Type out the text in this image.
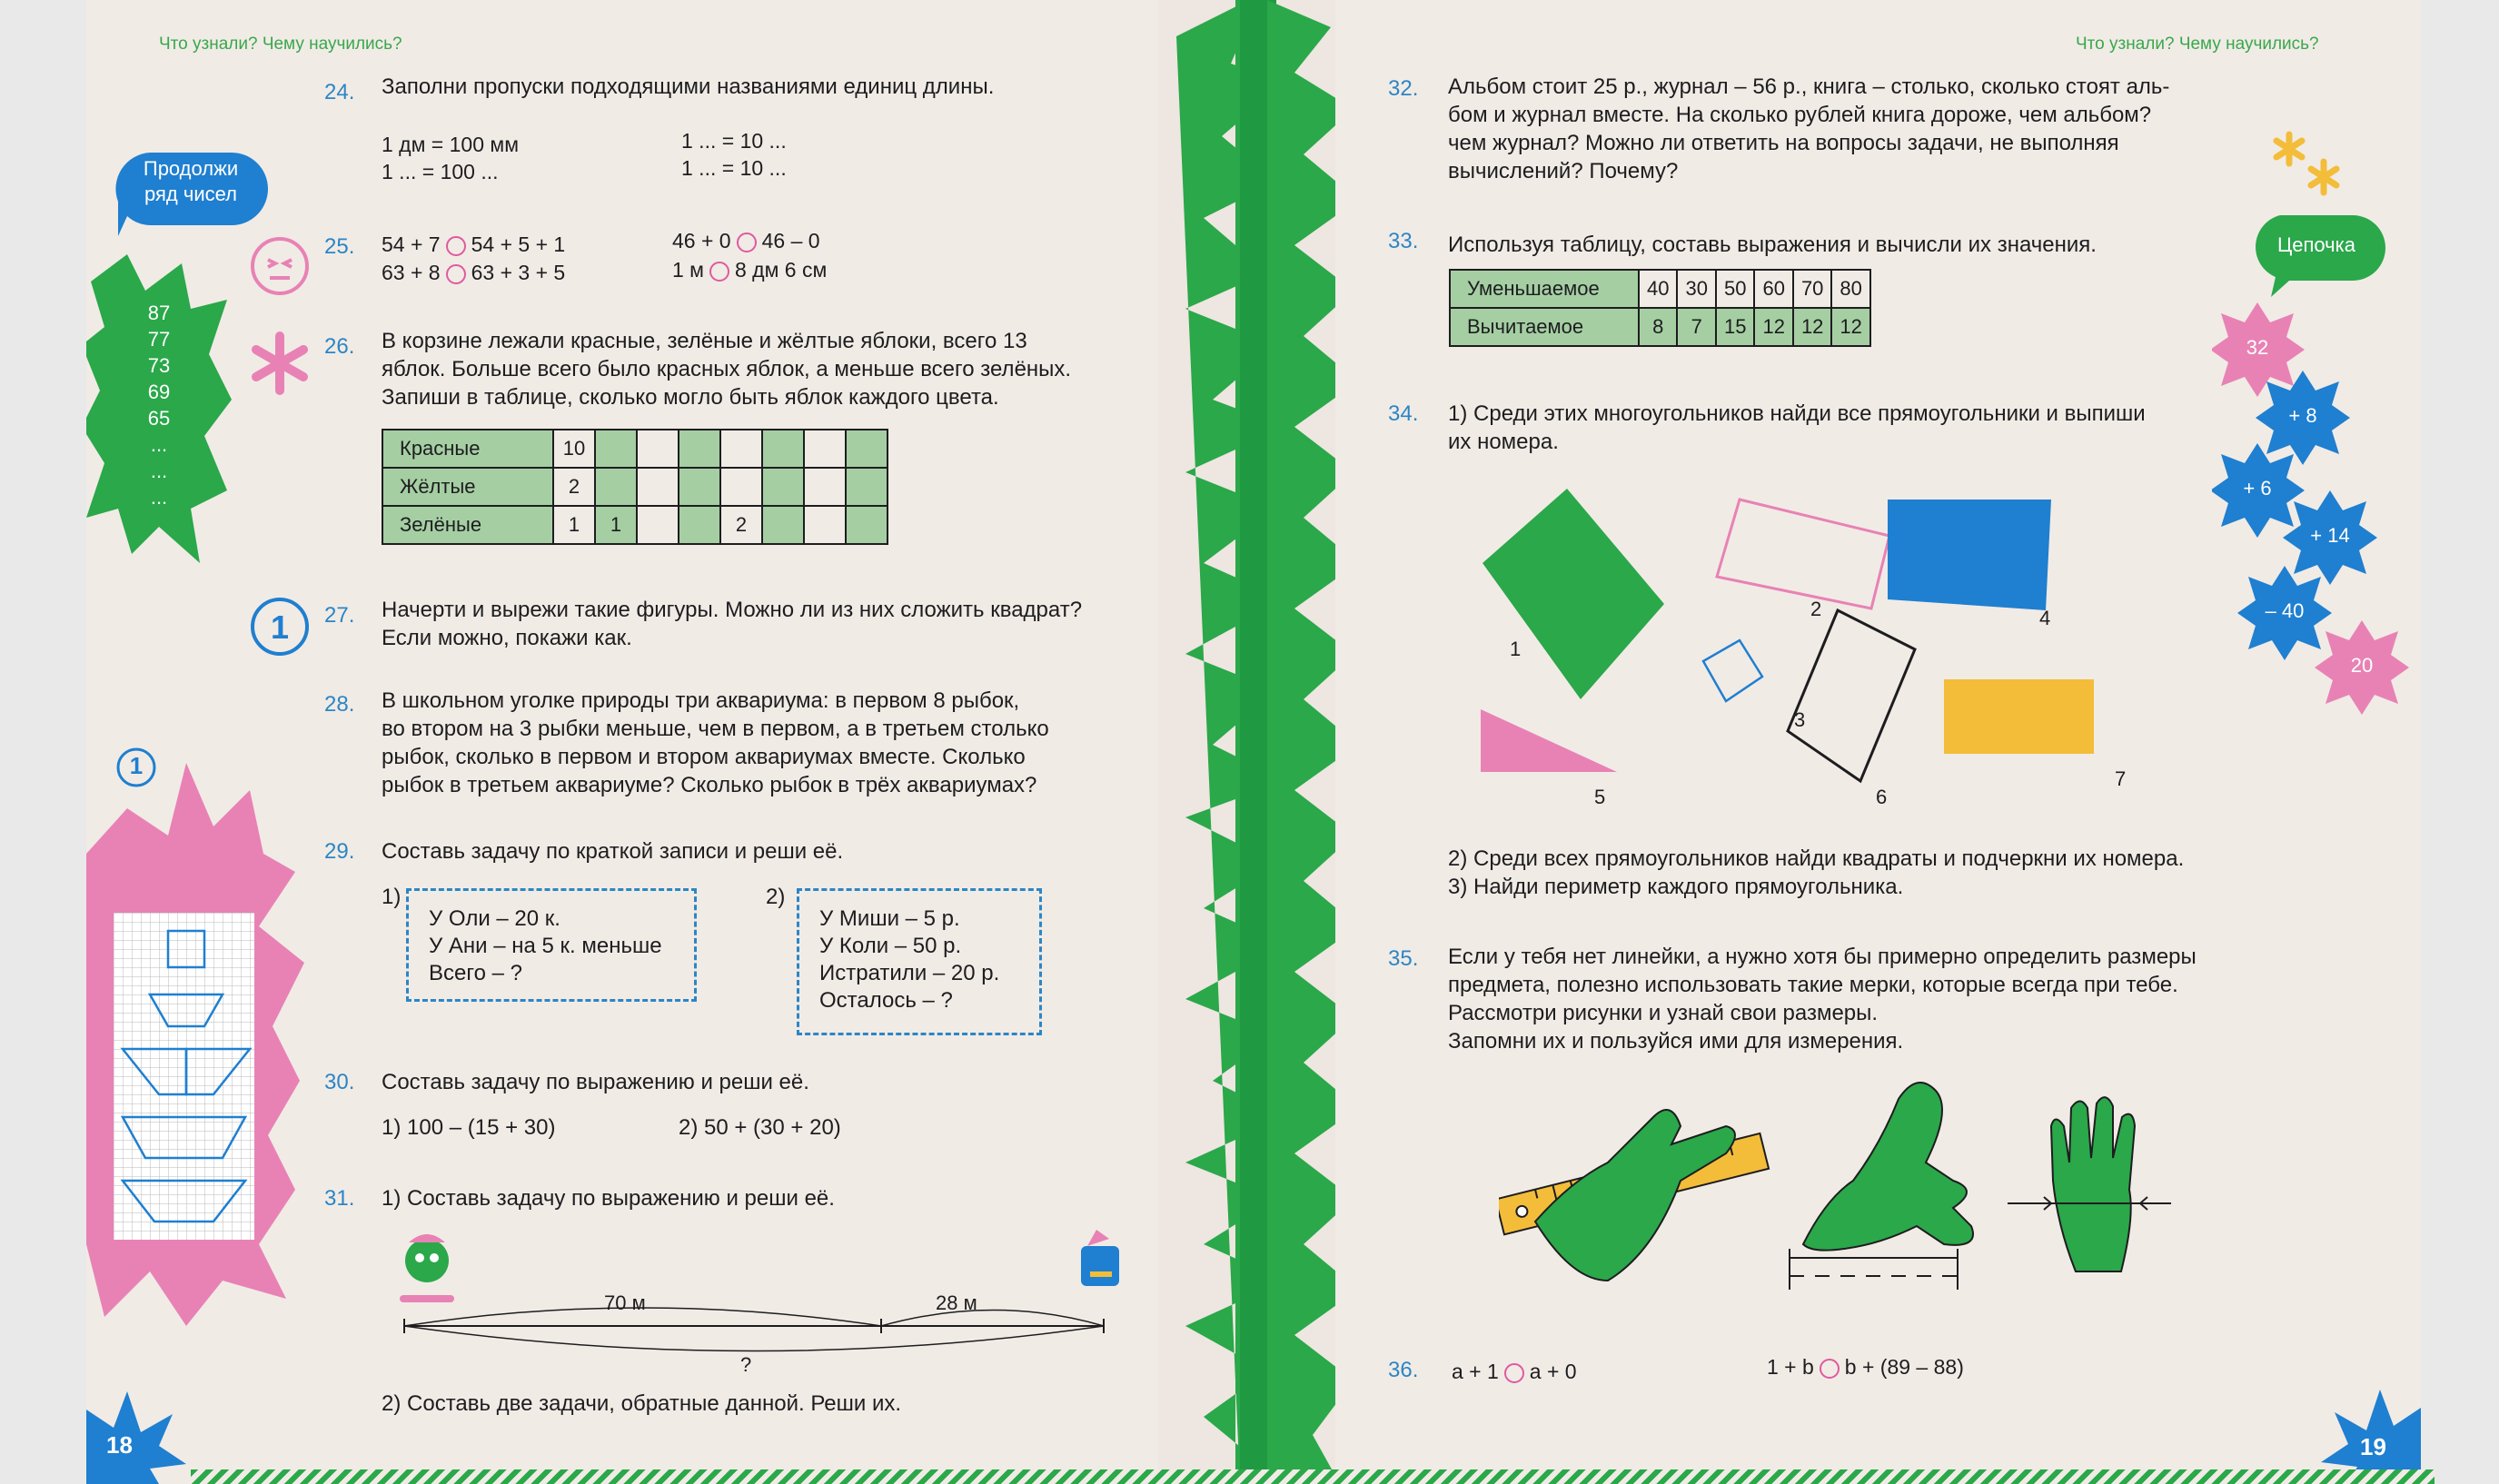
87
77
73
69
65
...
...
...
Что узнали? Чему научились?
Продолжи
ряд чисел
1
1
24. Заполни пропуски подходящими названиями единиц длины.
1 дм = 100 мм
1 ... = 100 ...
1 ... = 10 ...
1 ... = 10 ...
25. 54 + 7 54 + 5 + 1
63 + 8 63 + 3 + 5
46 + 0 46 – 0
1 м 8 дм 6 см
26. В корзине лежали красные, зелёные и жёлтые яблоки, всего 13
яблок. Больше всего было красных яблок, а меньше всего зелёных.
Запиши в таблице, сколько могло быть яблок каждого цвета.
Красные	10							
Жёлтые	2							
Зелёные	1	1			2			
27. Начерти и вырежи такие фигуры. Можно ли из них сложить квадрат?
Если можно, покажи как.
28. В школьном уголке природы три аквариума: в первом 8 рыбок,
во втором на 3 рыбки меньше, чем в первом, а в третьем столько
рыбок, сколько в первом и втором аквариумах вместе. Сколько
рыбок в третьем аквариуме? Сколько рыбок в трёх аквариумах?
29. Составь задачу по краткой записи и реши её.
1)
У Оли – 20 к.
У Ани – на 5 к. меньше
Всего – ?
2)
У Миши – 5 р.
У Коли – 50 р.
Истратили – 20 р.
Осталось – ?
30. Составь задачу по выражению и реши её.
1) 100 – (15 + 30)	2) 50 + (30 + 20)
31. 1) Составь задачу по выражению и реши её.
70 м	28 м
?
2) Составь две задачи, обратные данной. Реши их.
18
Что узнали? Чему научились?
Цепочка
32
+ 8
+ 6
+ 14
– 40
20
32. Альбом стоит 25 р., журнал – 56 р., книга – столько, сколько стоят аль-
бом и журнал вместе. На сколько рублей книга дороже, чем альбом?
чем журнал? Можно ли ответить на вопросы задачи, не выполняя
вычислений? Почему?
33. Используя таблицу, составь выражения и вычисли их значения.
Уменьшаемое	40	30	50	60	70	80
Вычитаемое	8	7	15	12	12	12
34. 1) Среди этих многоугольников найди все прямоугольники и выпиши
их номера.
1
2
3
4
5	6
7
2) Среди всех прямоугольников найди квадраты и подчеркни их номера.
3) Найди периметр каждого прямоугольника.
35. Если у тебя нет линейки, а нужно хотя бы примерно определить размеры
предмета, полезно использовать такие мерки, которые всегда при тебе.
Рассмотри рисунки и узнай свои размеры.
Запомни их и пользуйся ими для измерения.
36. a + 1 a + 0	1 + b b + (89 – 88)
19
